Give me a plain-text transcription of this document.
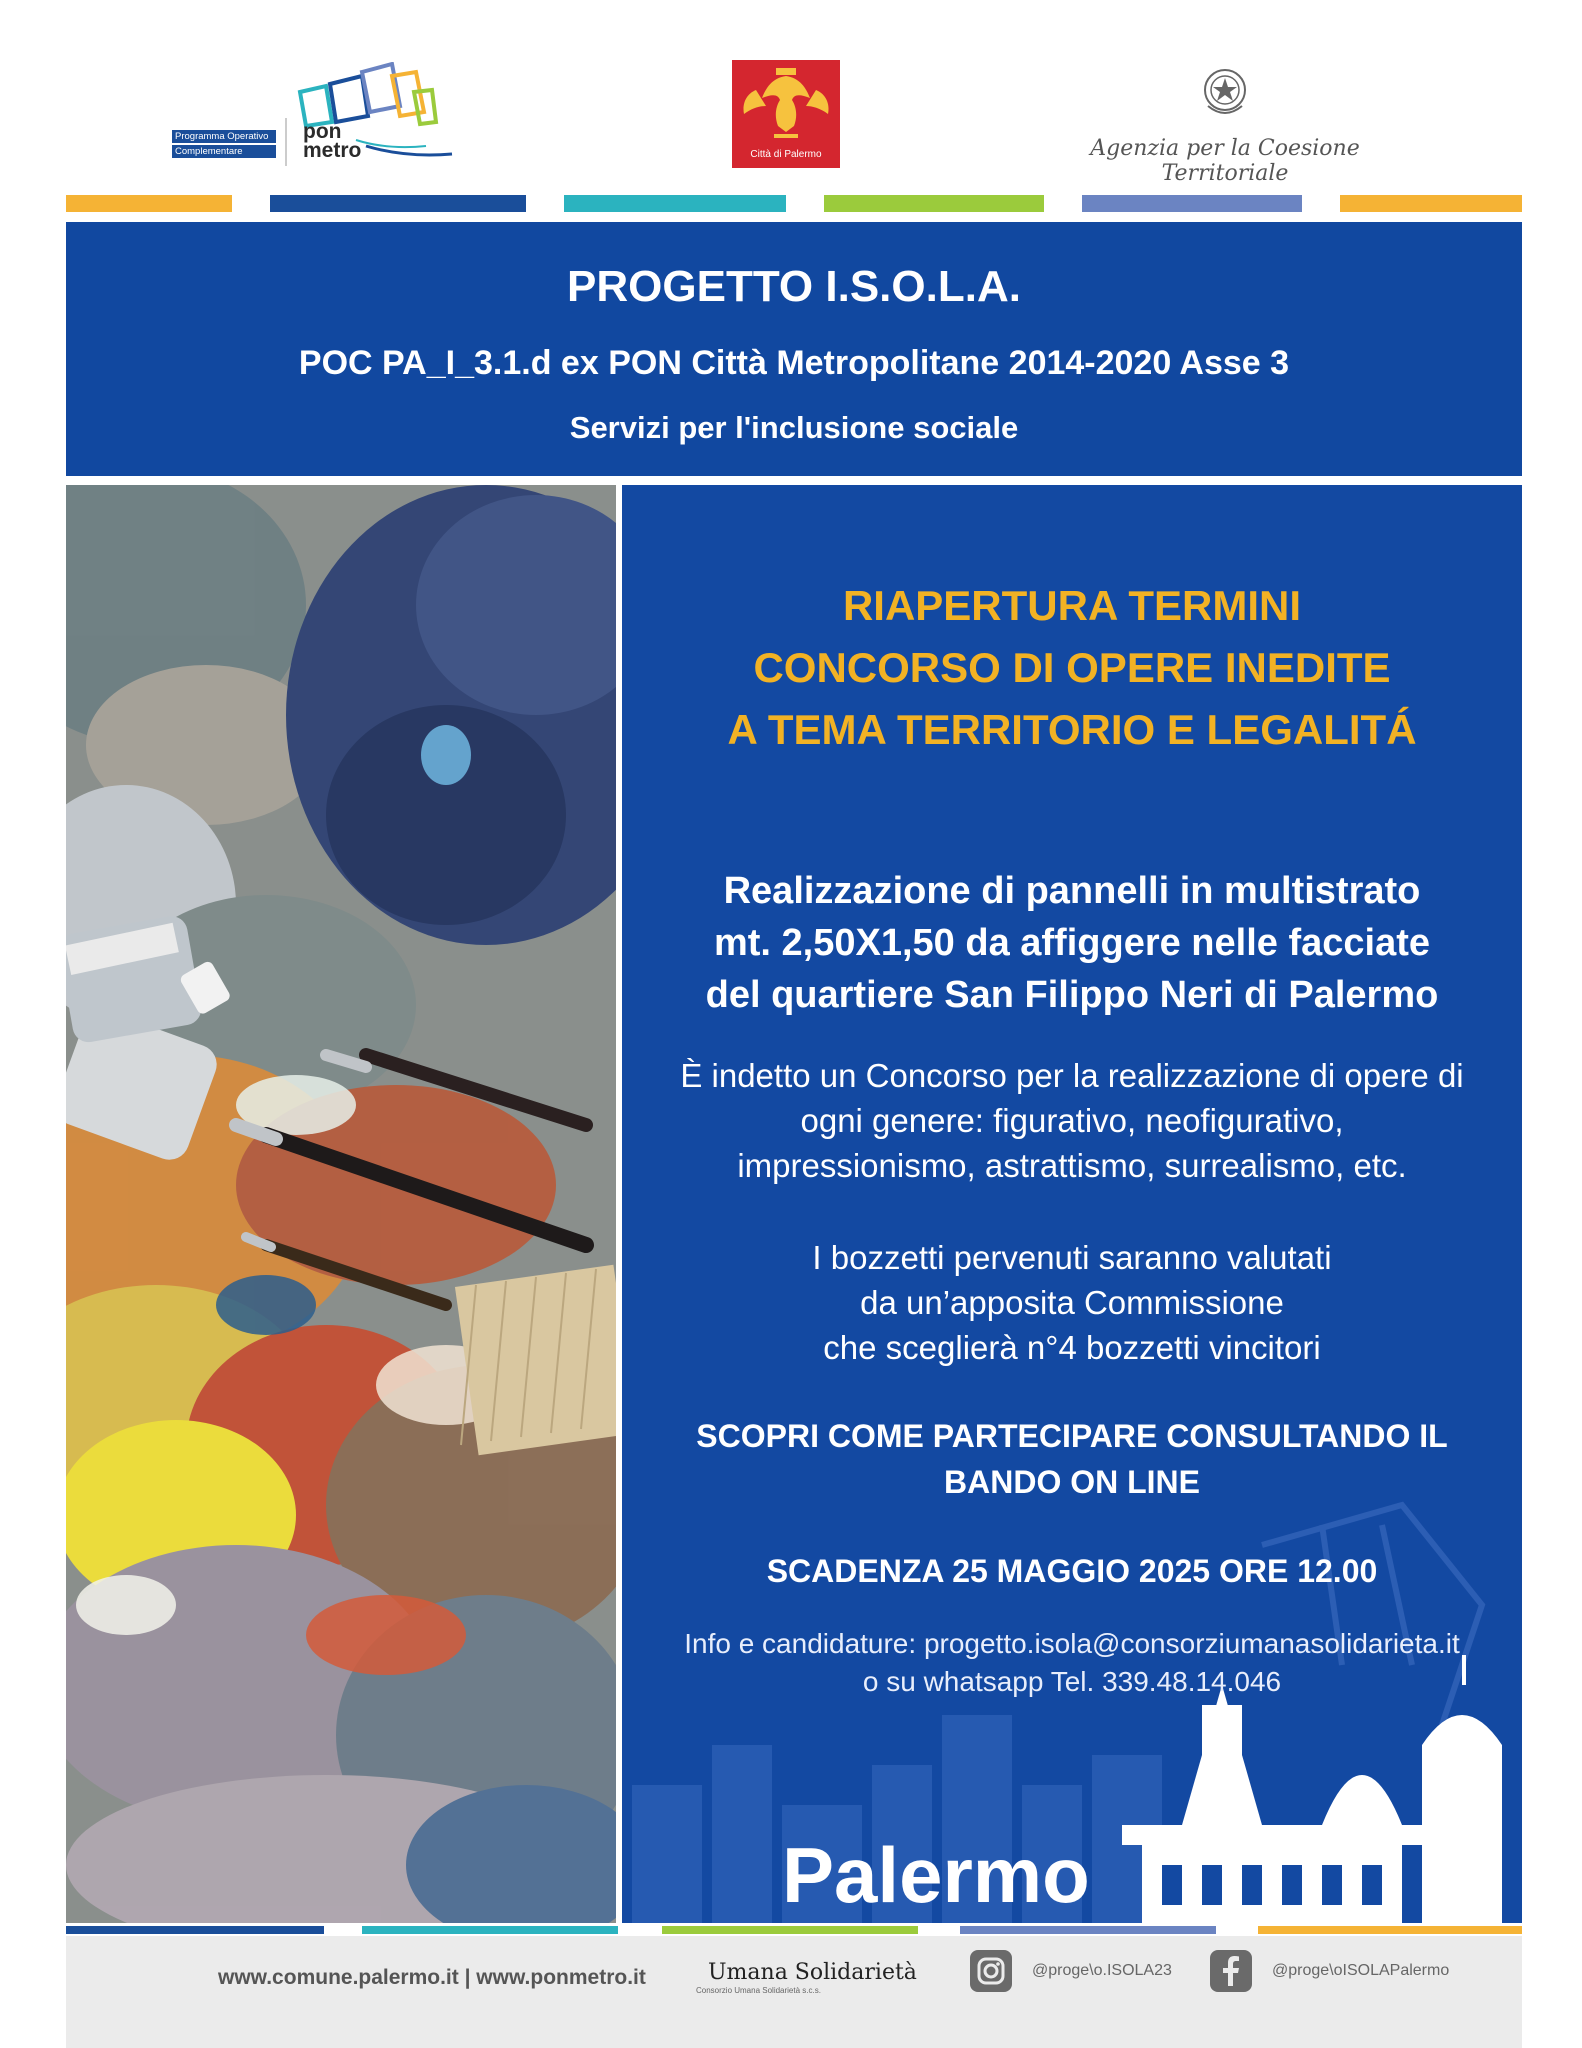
Programma Operativo
Complementare
pon
metro	Città di Palermo	Agenzia per la Coesione Territoriale
PROGETTO I.S.O.L.A.
POC PA_I_3.1.d ex PON Città Metropolitane 2014-2020 Asse 3
Servizi per l'inclusione sociale
RIAPERTURA TERMINI
CONCORSO DI OPERE INEDITE
A TEMA TERRITORIO E LEGALITÁ
Realizzazione di pannelli in multistrato
mt. 2,50X1,50 da affiggere nelle facciate
del quartiere San Filippo Neri di Palermo
È indetto un Concorso per la realizzazione di opere di
ogni genere: figurativo, neofigurativo,
impressionismo, astrattismo, surrealismo, etc.
I bozzetti pervenuti saranno valutati
da un’apposita Commissione
che sceglierà n°4 bozzetti vincitori
SCOPRI COME PARTECIPARE CONSULTANDO IL
BANDO ON LINE
SCADENZA 25 MAGGIO 2025 ORE 12.00
Info e candidature: progetto.isola@consorziumanasolidarieta.it
o su whatsapp Tel. 339.48.14.046
Palermo
www.comune.palermo.it | www.ponmetro.it	Umana Solidarietà
Consorzio Umana Solidarietà s.c.s.
@proge\o.ISOLA23	@proge\oISOLAPalermo
